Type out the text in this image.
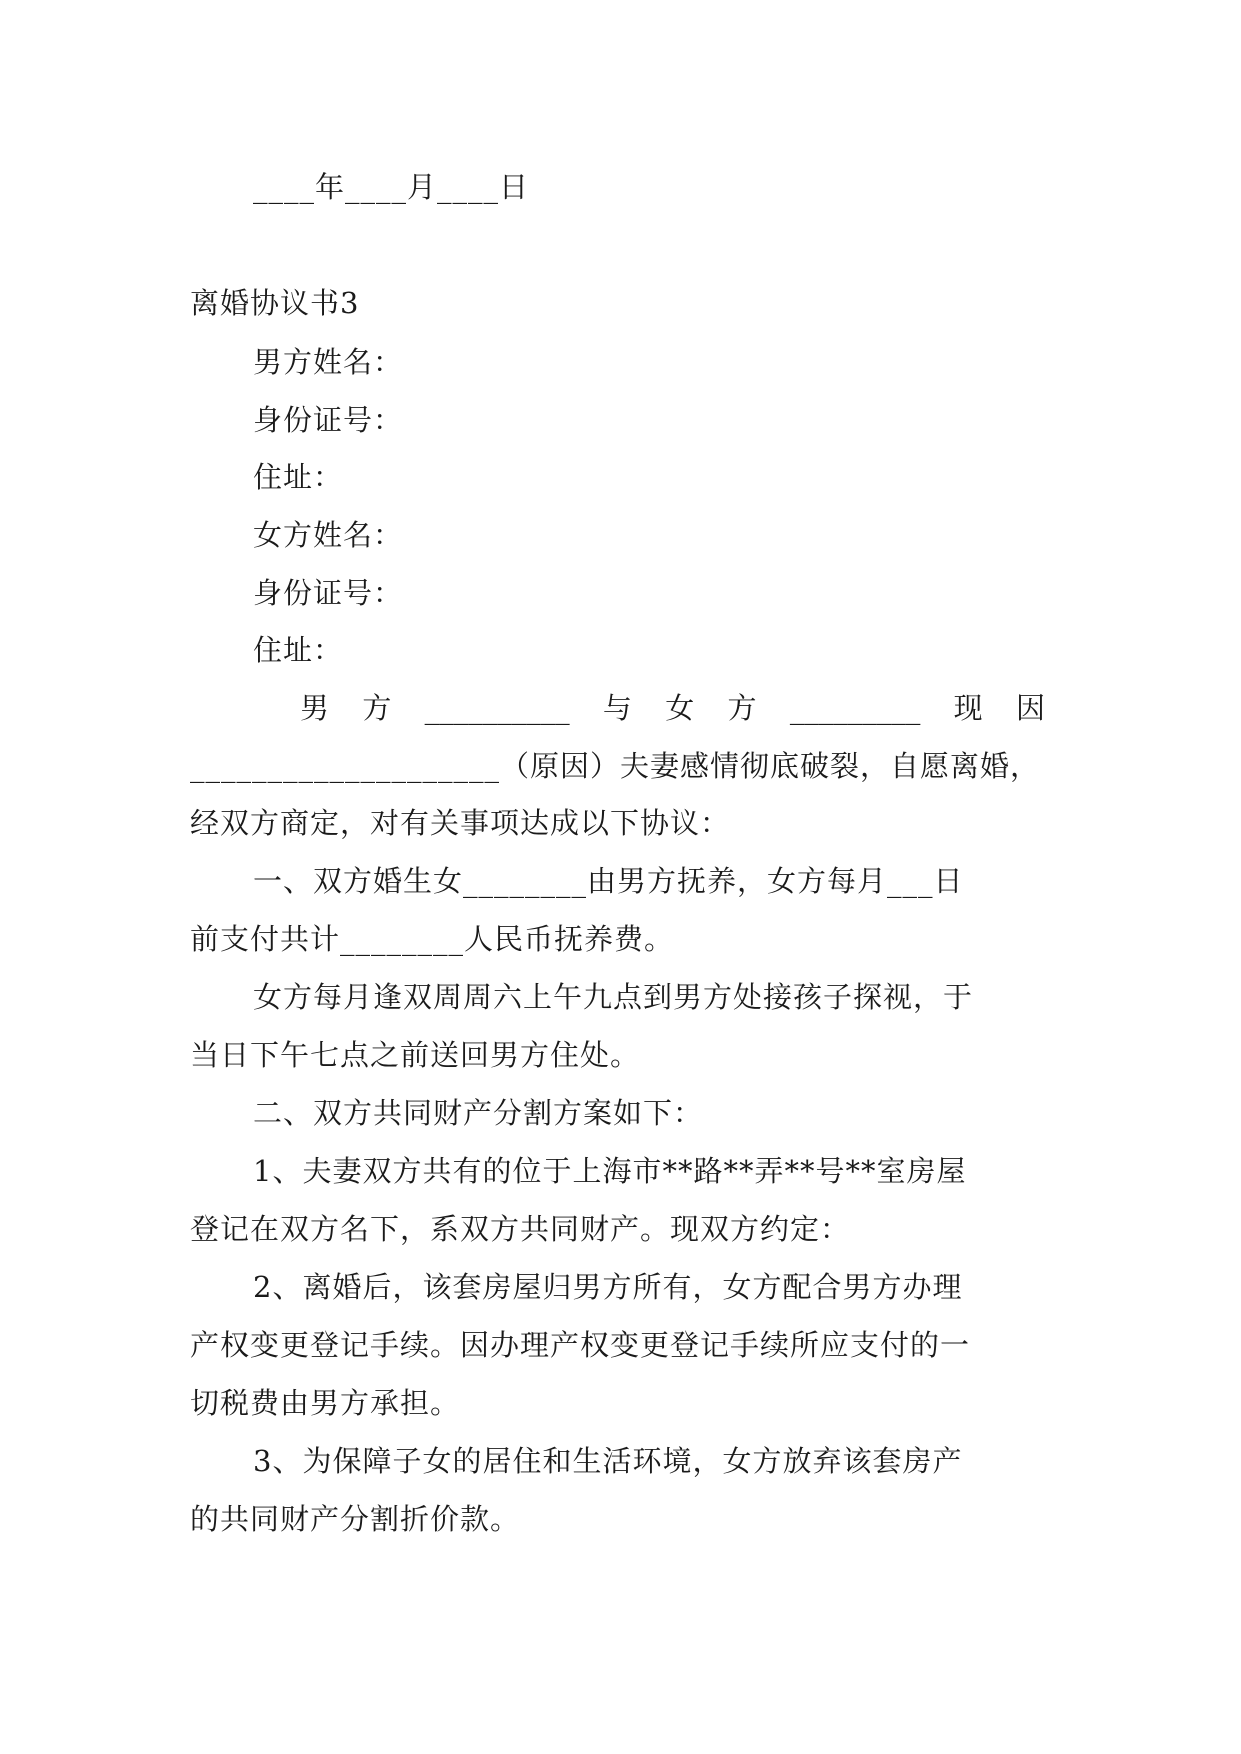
____年____月____日
离婚协议书3
男方姓名：
身份证号：
住址：
女方姓名：
身份证号：
住址：
男 方 __________ 与 女 方 _________ 现 因
____________________（原因）夫妻感情彻底破裂，自愿离婚，
经双方商定，对有关事项达成以下协议：
一、双方婚生女________由男方抚养，女方每月___日
前支付共计________人民币抚养费。
女方每月逢双周周六上午九点到男方处接孩子探视，于
当日下午七点之前送回男方住处。
二、双方共同财产分割方案如下：
1、夫妻双方共有的位于上海市**路**弄**号**室房屋
登记在双方名下，系双方共同财产。现双方约定：
2、离婚后，该套房屋归男方所有，女方配合男方办理
产权变更登记手续。因办理产权变更登记手续所应支付的一
切税费由男方承担。
3、为保障子女的居住和生活环境，女方放弃该套房产
的共同财产分割折价款。
